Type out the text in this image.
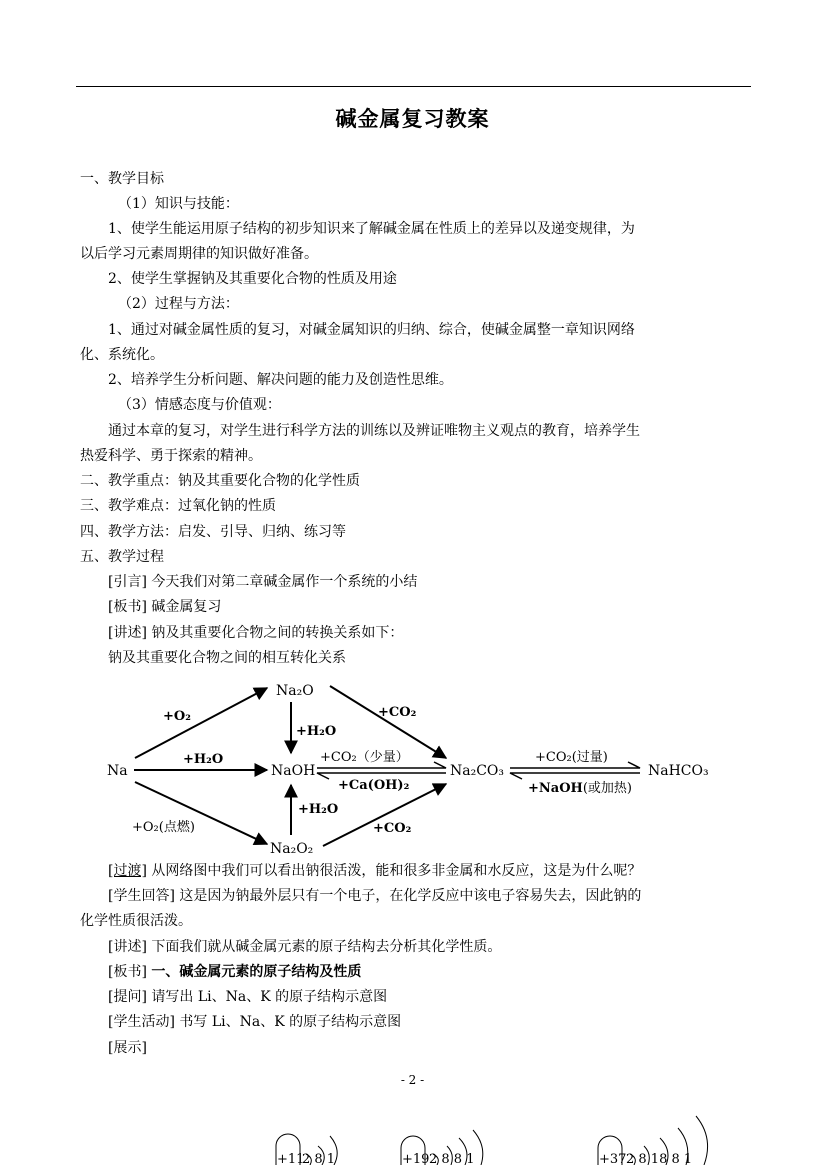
碱金属复习教案
一、教学目标
（1）知识与技能：
1、使学生能运用原子结构的初步知识来了解碱金属在性质上的差异以及递变规律，为
以后学习元素周期律的知识做好准备。
2、使学生掌握钠及其重要化合物的性质及用途
（2）过程与方法：
1、通过对碱金属性质的复习，对碱金属知识的归纳、综合，使碱金属整一章知识网络
化、系统化。
2、培养学生分析问题、解决问题的能力及创造性思维。
（3）情感态度与价值观：
通过本章的复习，对学生进行科学方法的训练以及辨证唯物主义观点的教育，培养学生
热爱科学、勇于探索的精神。
二、教学重点：钠及其重要化合物的化学性质
三、教学难点：过氧化钠的性质
四、教学方法：启发、引导、归纳、练习等
五、教学过程
[引言] 今天我们对第二章碱金属作一个系统的小结
[板书] 碱金属复习
[讲述] 钠及其重要化合物之间的转换关系如下：
钠及其重要化合物之间的相互转化关系
Na
Na₂O
NaOH
Na₂O₂
Na₂CO₃	NaHCO₃
+O₂	+CO₂
+H₂O
+H₂O	+CO₂（少量）
+Ca(OH)₂
+CO₂(过量)
+NaOH(或加热)
+H₂O
+O₂(点燃)	+CO₂
[过渡] 从网络图中我们可以看出钠很活泼，能和很多非金属和水反应，这是为什么呢？
[学生回答] 这是因为钠最外层只有一个电子，在化学反应中该电子容易失去，因此钠的
化学性质很活泼。
[讲述] 下面我们就从碱金属元素的原子结构去分析其化学性质。
[板书] 一、碱金属元素的原子结构及性质
[提问] 请写出 Li、Na、K 的原子结构示意图
[学生活动] 书写 Li、Na、K 的原子结构示意图
[展示]
- 2 -
+11
2 8 1	+19 2 8 8 1	+37 2 8 18 8 1
